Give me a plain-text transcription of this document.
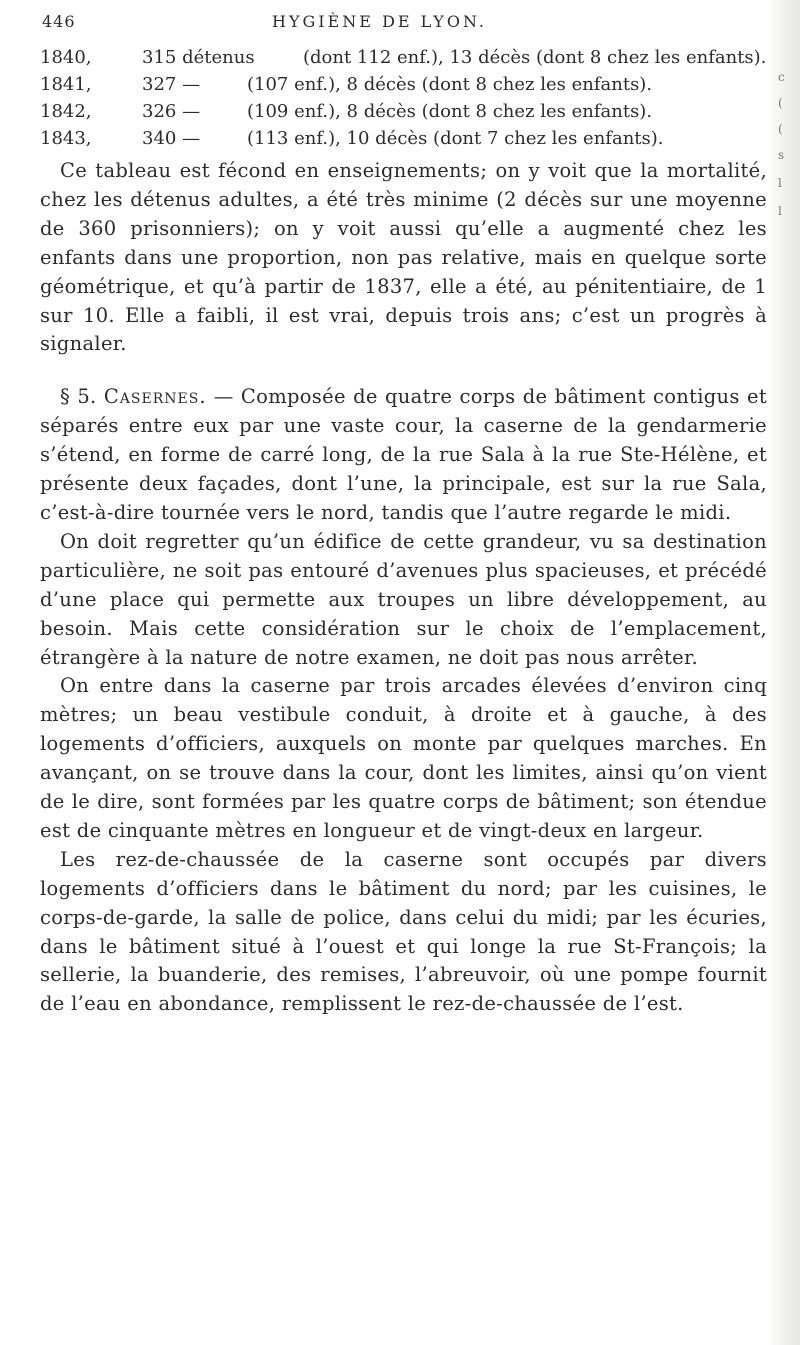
446	HYGIÈNE DE LYON.
1840,	315 détenus	(dont 112 enf.), 13 décès (dont 8 chez les enfants).
1841,	327 —	(107 enf.), 8 décès (dont 8 chez les enfants).
1842,	326 —	(109 enf.), 8 décès (dont 8 chez les enfants).
1843,	340 —	(113 enf.), 10 décès (dont 7 chez les enfants).

Ce tableau est fécond en enseignements; on y voit que la mortalité, chez les détenus adultes, a été très minime (2 décès sur une moyenne de 360 prisonniers); on y voit aussi qu’elle a augmenté chez les enfants dans une proportion, non pas relative, mais en quelque sorte géométrique, et qu’à partir de 1837, elle a été, au pénitentiaire, de 1 sur 10. Elle a faibli, il est vrai, depuis trois ans; c’est un progrès à signaler.

§ 5. Casernes. — Composée de quatre corps de bâtiment contigus et séparés entre eux par une vaste cour, la caserne de la gendarmerie s’étend, en forme de carré long, de la rue Sala à la rue Ste-Hélène, et présente deux façades, dont l’une, la principale, est sur la rue Sala, c’est-à-dire tournée vers le nord, tandis que l’autre regarde le midi.

On doit regretter qu’un édifice de cette grandeur, vu sa destination particulière, ne soit pas entouré d’avenues plus spacieuses, et précédé d’une place qui permette aux troupes un libre développement, au besoin. Mais cette considération sur le choix de l’emplacement, étrangère à la nature de notre examen, ne doit pas nous arrêter.

On entre dans la caserne par trois arcades élevées d’environ cinq mètres; un beau vestibule conduit, à droite et à gauche, à des logements d’officiers, auxquels on monte par quelques marches. En avançant, on se trouve dans la cour, dont les limites, ainsi qu’on vient de le dire, sont formées par les quatre corps de bâtiment; son étendue est de cinquante mètres en longueur et de vingt-deux en largeur.

Les rez-de-chaussée de la caserne sont occupés par divers logements d’officiers dans le bâtiment du nord; par les cuisines, le corps-de-garde, la salle de police, dans celui du midi; par les écuries, dans le bâtiment situé à l’ouest et qui longe la rue St-François; la sellerie, la buanderie, des remises, l’abreuvoir, où une pompe fournit de l’eau en abondance, remplissent le rez-de-chaussée de l’est.

c
(
(
s
l
l
